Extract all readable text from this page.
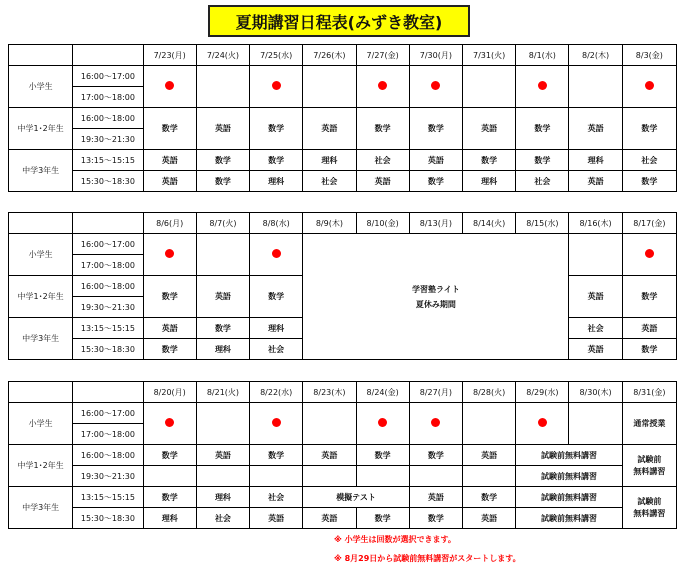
夏期講習日程表(みずき教室)
		7/23(月)	7/24(火)	7/25(水)	7/26(木)	7/27(金)	7/30(月)	7/31(火)	8/1(水)	8/2(木)	8/3(金)
小学生	16:00～17:00										
	17:00～18:00										
中学1･2年生	16:00～18:00	数学	英語	数学	英語	数学	数学	英語	数学	英語	数学
	19:30～21:30										
中学3年生	13:15～15:15	英語	数学	数学	理科	社会	英語	数学	数学	理科	社会
	15:30～18:30	英語	数学	理科	社会	英語	数学	理科	社会	英語	数学
		8/6(月)	8/7(火)	8/8(水)	8/9(木)	8/10(金)	8/13(月)	8/14(火)	8/15(水)	8/16(木)	8/17(金)
小学生	16:00～17:00				学習塾ライト
夏休み期間						
	17:00～18:00										
中学1･2年生	16:00～18:00	数学	英語	数学						英語	数学
	19:30～21:30										
中学3年生	13:15～15:15	英語	数学	理科						社会	英語
	15:30～18:30	数学	理科	社会						英語	数学
		8/20(月)	8/21(火)	8/22(水)	8/23(木)	8/24(金)	8/27(月)	8/28(火)	8/29(水)	8/30(木)	8/31(金)
小学生	16:00～17:00										通常授業
	17:00～18:00										
中学1･2年生	16:00～18:00	数学	英語	数学	英語	数学	数学	英語	試験前無料講習		試験前
無料講習
	19:30～21:30								試験前無料講習		
中学3年生	13:15～15:15	数学	理科	社会	模擬テスト		英語	数学	試験前無料講習		試験前
無料講習
	15:30～18:30	理科	社会	英語	英語	数学	数学	英語	試験前無料講習		
※ 小学生は回数が選択できます。
※ 8月29日から試験前無料講習がスタートします。
